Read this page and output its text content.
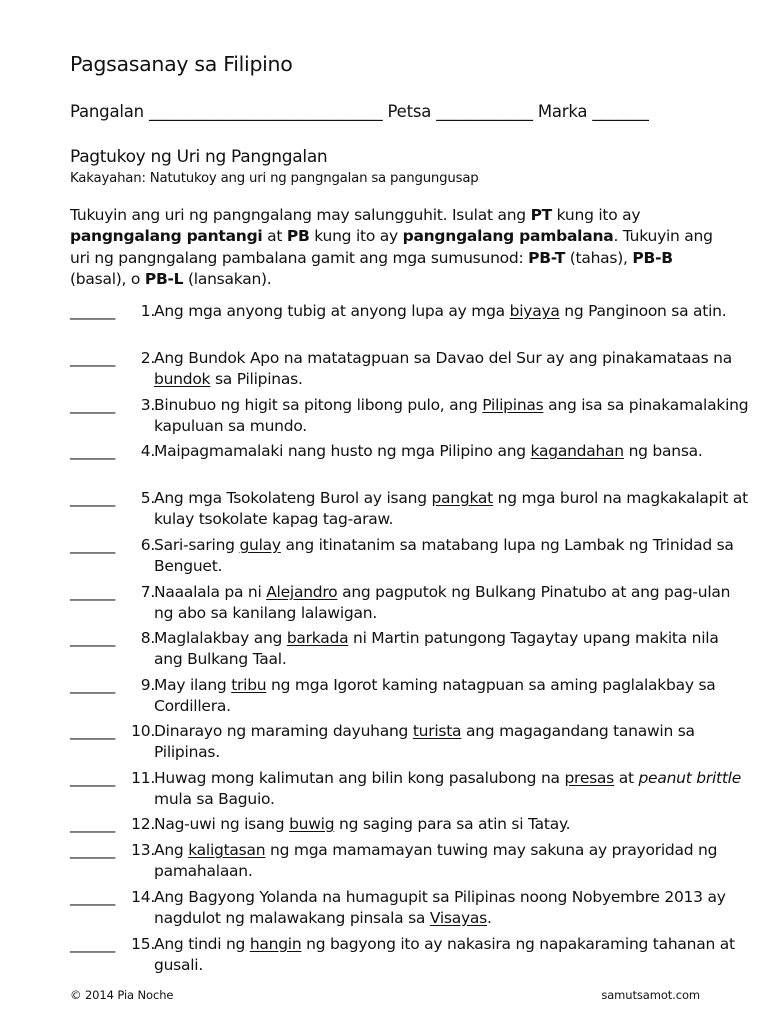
Pagsasanay sa Filipino
Pangalan _____________________________ Petsa ____________ Marka _______
Pagtukoy ng Uri ng Pangngalan
Kakayahan: Natutukoy ang uri ng pangngalan sa pangungusap
Tukuyin ang uri ng pangngalang may salungguhit. Isulat ang PT kung ito ay pangngalang pantangi at PB kung ito ay pangngalang pambalana. Tukuyin ang uri ng pangngalang pambalana gamit ang mga sumusunod: PB-T (tahas), PB-B (basal), o PB-L (lansakan).
______	1. Ang mga anyong tubig at anyong lupa ay mga biyaya ng Panginoon sa atin.
______	2. Ang Bundok Apo na matatagpuan sa Davao del Sur ay ang pinakamataas na bundok sa Pilipinas.
______	3. Binubuo ng higit sa pitong libong pulo, ang Pilipinas ang isa sa pinakamalaking kapuluan sa mundo.
______	4. Maipagmamalaki nang husto ng mga Pilipino ang kagandahan ng bansa.
______	5. Ang mga Tsokolateng Burol ay isang pangkat ng mga burol na magkakalapit at kulay tsokolate kapag tag-araw.
______	6. Sari-saring gulay ang itinatanim sa matabang lupa ng Lambak ng Trinidad sa Benguet.
______	7. Naaalala pa ni Alejandro ang pagputok ng Bulkang Pinatubo at ang pag-ulan ng abo sa kanilang lalawigan.
______	8. Maglalakbay ang barkada ni Martin patungong Tagaytay upang makita nila ang Bulkang Taal.
______	9. May ilang tribu ng mga Igorot kaming natagpuan sa aming paglalakbay sa Cordillera.
______	10. Dinarayo ng maraming dayuhang turista ang magagandang tanawin sa Pilipinas.
______	11. Huwag mong kalimutan ang bilin kong pasalubong na presas at peanut brittle mula sa Baguio.
______	12. Nag-uwi ng isang buwig ng saging para sa atin si Tatay.
______	13. Ang kaligtasan ng mga mamamayan tuwing may sakuna ay prayoridad ng pamahalaan.
______	14. Ang Bagyong Yolanda na humagupit sa Pilipinas noong Nobyembre 2013 ay nagdulot ng malawakang pinsala sa Visayas.
______	15. Ang tindi ng hangin ng bagyong ito ay nakasira ng napakaraming tahanan at gusali.
© 2014 Pia Noche	samutsamot.com
